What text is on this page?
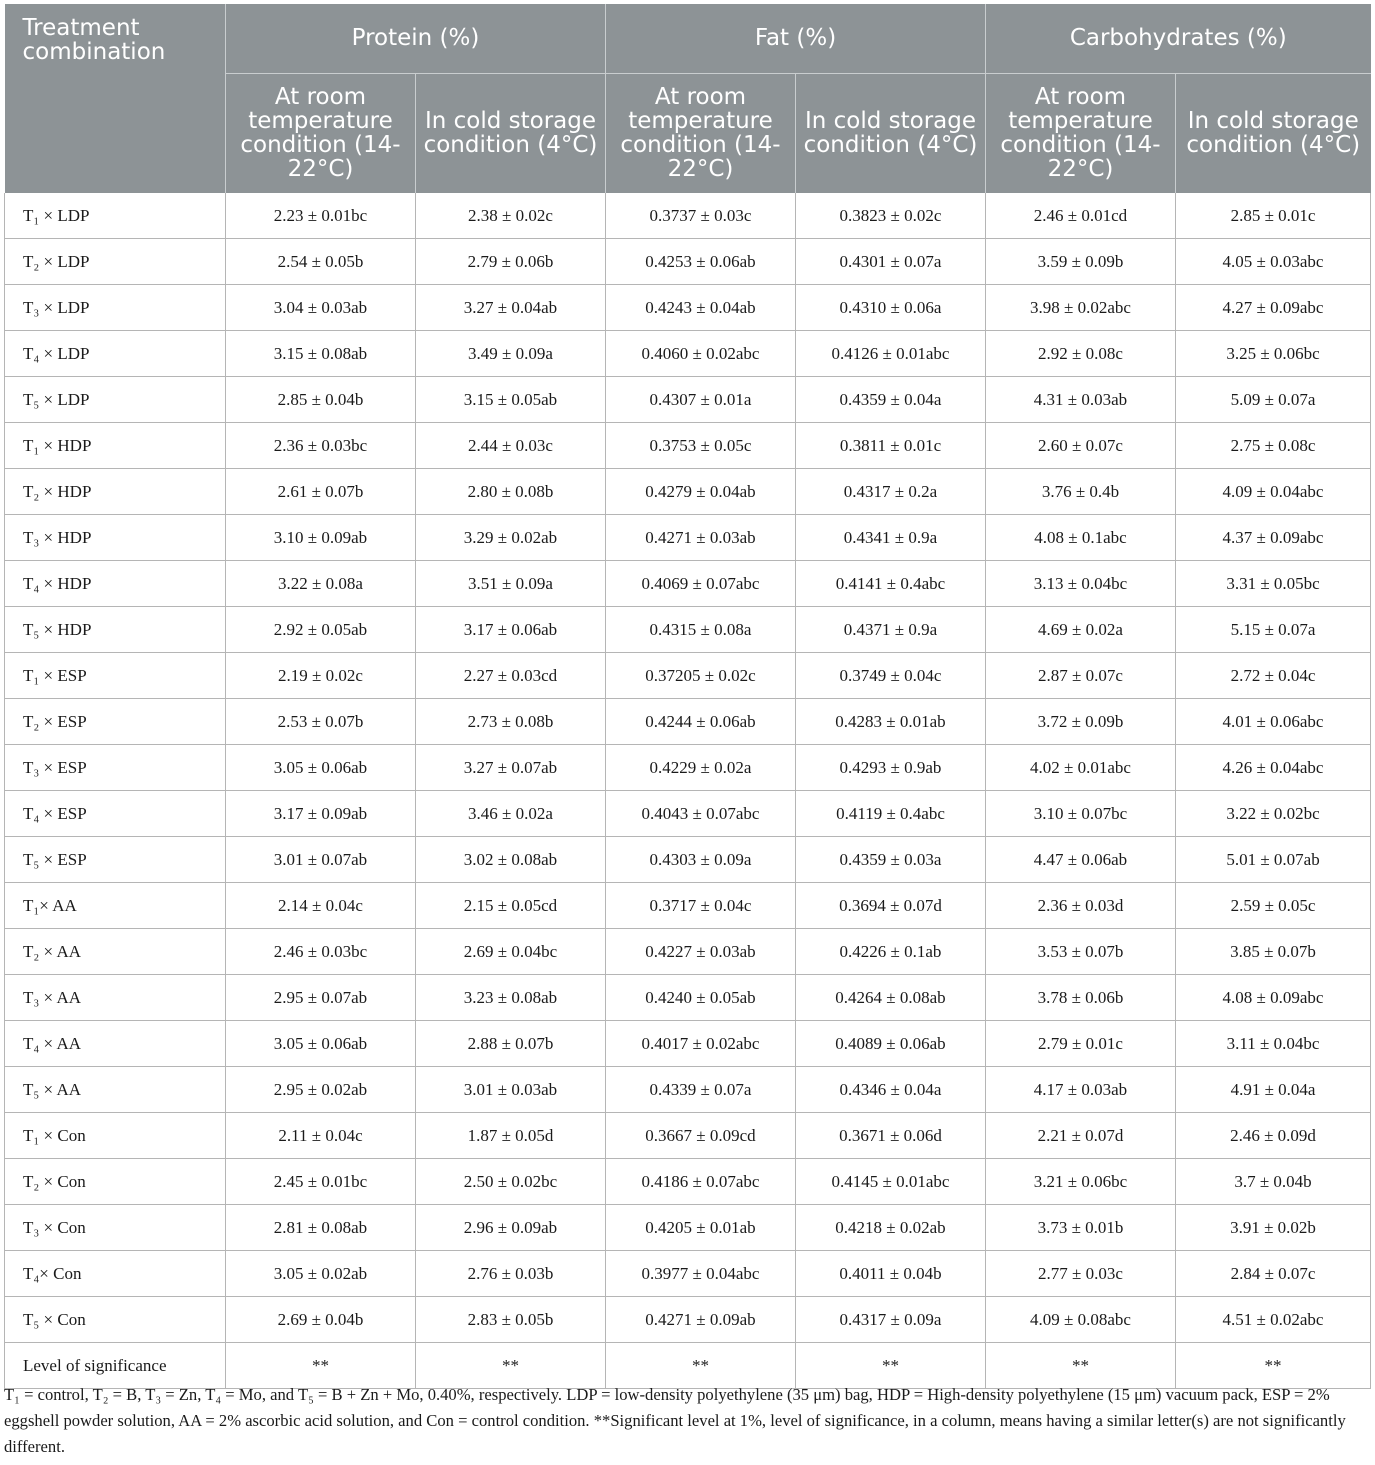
Treatment combination	Protein (%)		Fat (%)		Carbohydrates (%)	
	At room temperature condition (14-22°C)	In cold storage condition (4°C)	At room temperature condition (14-22°C)	In cold storage condition (4°C)	At room temperature condition (14-22°C)	In cold storage condition (4°C)
T₁ × LDP	2.23 ± 0.01bc	2.38 ± 0.02c	0.3737 ± 0.03c	0.3823 ± 0.02c	2.46 ± 0.01cd	2.85 ± 0.01c
T₂ × LDP	2.54 ± 0.05b	2.79 ± 0.06b	0.4253 ± 0.06ab	0.4301 ± 0.07a	3.59 ± 0.09b	4.05 ± 0.03abc
T₃ × LDP	3.04 ± 0.03ab	3.27 ± 0.04ab	0.4243 ± 0.04ab	0.4310 ± 0.06a	3.98 ± 0.02abc	4.27 ± 0.09abc
T₄ × LDP	3.15 ± 0.08ab	3.49 ± 0.09a	0.4060 ± 0.02abc	0.4126 ± 0.01abc	2.92 ± 0.08c	3.25 ± 0.06bc
T₅ × LDP	2.85 ± 0.04b	3.15 ± 0.05ab	0.4307 ± 0.01a	0.4359 ± 0.04a	4.31 ± 0.03ab	5.09 ± 0.07a
T₁ × HDP	2.36 ± 0.03bc	2.44 ± 0.03c	0.3753 ± 0.05c	0.3811 ± 0.01c	2.60 ± 0.07c	2.75 ± 0.08c
T₂ × HDP	2.61 ± 0.07b	2.80 ± 0.08b	0.4279 ± 0.04ab	0.4317 ± 0.2a	3.76 ± 0.4b	4.09 ± 0.04abc
T₃ × HDP	3.10 ± 0.09ab	3.29 ± 0.02ab	0.4271 ± 0.03ab	0.4341 ± 0.9a	4.08 ± 0.1abc	4.37 ± 0.09abc
T₄ × HDP	3.22 ± 0.08a	3.51 ± 0.09a	0.4069 ± 0.07abc	0.4141 ± 0.4abc	3.13 ± 0.04bc	3.31 ± 0.05bc
T₅ × HDP	2.92 ± 0.05ab	3.17 ± 0.06ab	0.4315 ± 0.08a	0.4371 ± 0.9a	4.69 ± 0.02a	5.15 ± 0.07a
T₁ × ESP	2.19 ± 0.02c	2.27 ± 0.03cd	0.37205 ± 0.02c	0.3749 ± 0.04c	2.87 ± 0.07c	2.72 ± 0.04c
T₂ × ESP	2.53 ± 0.07b	2.73 ± 0.08b	0.4244 ± 0.06ab	0.4283 ± 0.01ab	3.72 ± 0.09b	4.01 ± 0.06abc
T₃ × ESP	3.05 ± 0.06ab	3.27 ± 0.07ab	0.4229 ± 0.02a	0.4293 ± 0.9ab	4.02 ± 0.01abc	4.26 ± 0.04abc
T₄ × ESP	3.17 ± 0.09ab	3.46 ± 0.02a	0.4043 ± 0.07abc	0.4119 ± 0.4abc	3.10 ± 0.07bc	3.22 ± 0.02bc
T₅ × ESP	3.01 ± 0.07ab	3.02 ± 0.08ab	0.4303 ± 0.09a	0.4359 ± 0.03a	4.47 ± 0.06ab	5.01 ± 0.07ab
T₁× AA	2.14 ± 0.04c	2.15 ± 0.05cd	0.3717 ± 0.04c	0.3694 ± 0.07d	2.36 ± 0.03d	2.59 ± 0.05c
T₂ × AA	2.46 ± 0.03bc	2.69 ± 0.04bc	0.4227 ± 0.03ab	0.4226 ± 0.1ab	3.53 ± 0.07b	3.85 ± 0.07b
T₃ × AA	2.95 ± 0.07ab	3.23 ± 0.08ab	0.4240 ± 0.05ab	0.4264 ± 0.08ab	3.78 ± 0.06b	4.08 ± 0.09abc
T₄ × AA	3.05 ± 0.06ab	2.88 ± 0.07b	0.4017 ± 0.02abc	0.4089 ± 0.06ab	2.79 ± 0.01c	3.11 ± 0.04bc
T₅ × AA	2.95 ± 0.02ab	3.01 ± 0.03ab	0.4339 ± 0.07a	0.4346 ± 0.04a	4.17 ± 0.03ab	4.91 ± 0.04a
T₁ × Con	2.11 ± 0.04c	1.87 ± 0.05d	0.3667 ± 0.09cd	0.3671 ± 0.06d	2.21 ± 0.07d	2.46 ± 0.09d
T₂ × Con	2.45 ± 0.01bc	2.50 ± 0.02bc	0.4186 ± 0.07abc	0.4145 ± 0.01abc	3.21 ± 0.06bc	3.7 ± 0.04b
T₃ × Con	2.81 ± 0.08ab	2.96 ± 0.09ab	0.4205 ± 0.01ab	0.4218 ± 0.02ab	3.73 ± 0.01b	3.91 ± 0.02b
T₄× Con	3.05 ± 0.02ab	2.76 ± 0.03b	0.3977 ± 0.04abc	0.4011 ± 0.04b	2.77 ± 0.03c	2.84 ± 0.07c
T₅ × Con	2.69 ± 0.04b	2.83 ± 0.05b	0.4271 ± 0.09ab	0.4317 ± 0.09a	4.09 ± 0.08abc	4.51 ± 0.02abc
Level of significance	**	**	**	**	**	**
T₁ = control, T₂ = B, T₃ = Zn, T₄ = Mo, and T₅ = B + Zn + Mo, 0.40%, respectively. LDP = low-density polyethylene (35 μm) bag, HDP = High-density polyethylene (15 μm) vacuum pack, ESP = 2% eggshell powder solution, AA = 2% ascorbic acid solution, and Con = control condition. **Significant level at 1%, level of significance, in a column, means having a similar letter(s) are not significantly different.
